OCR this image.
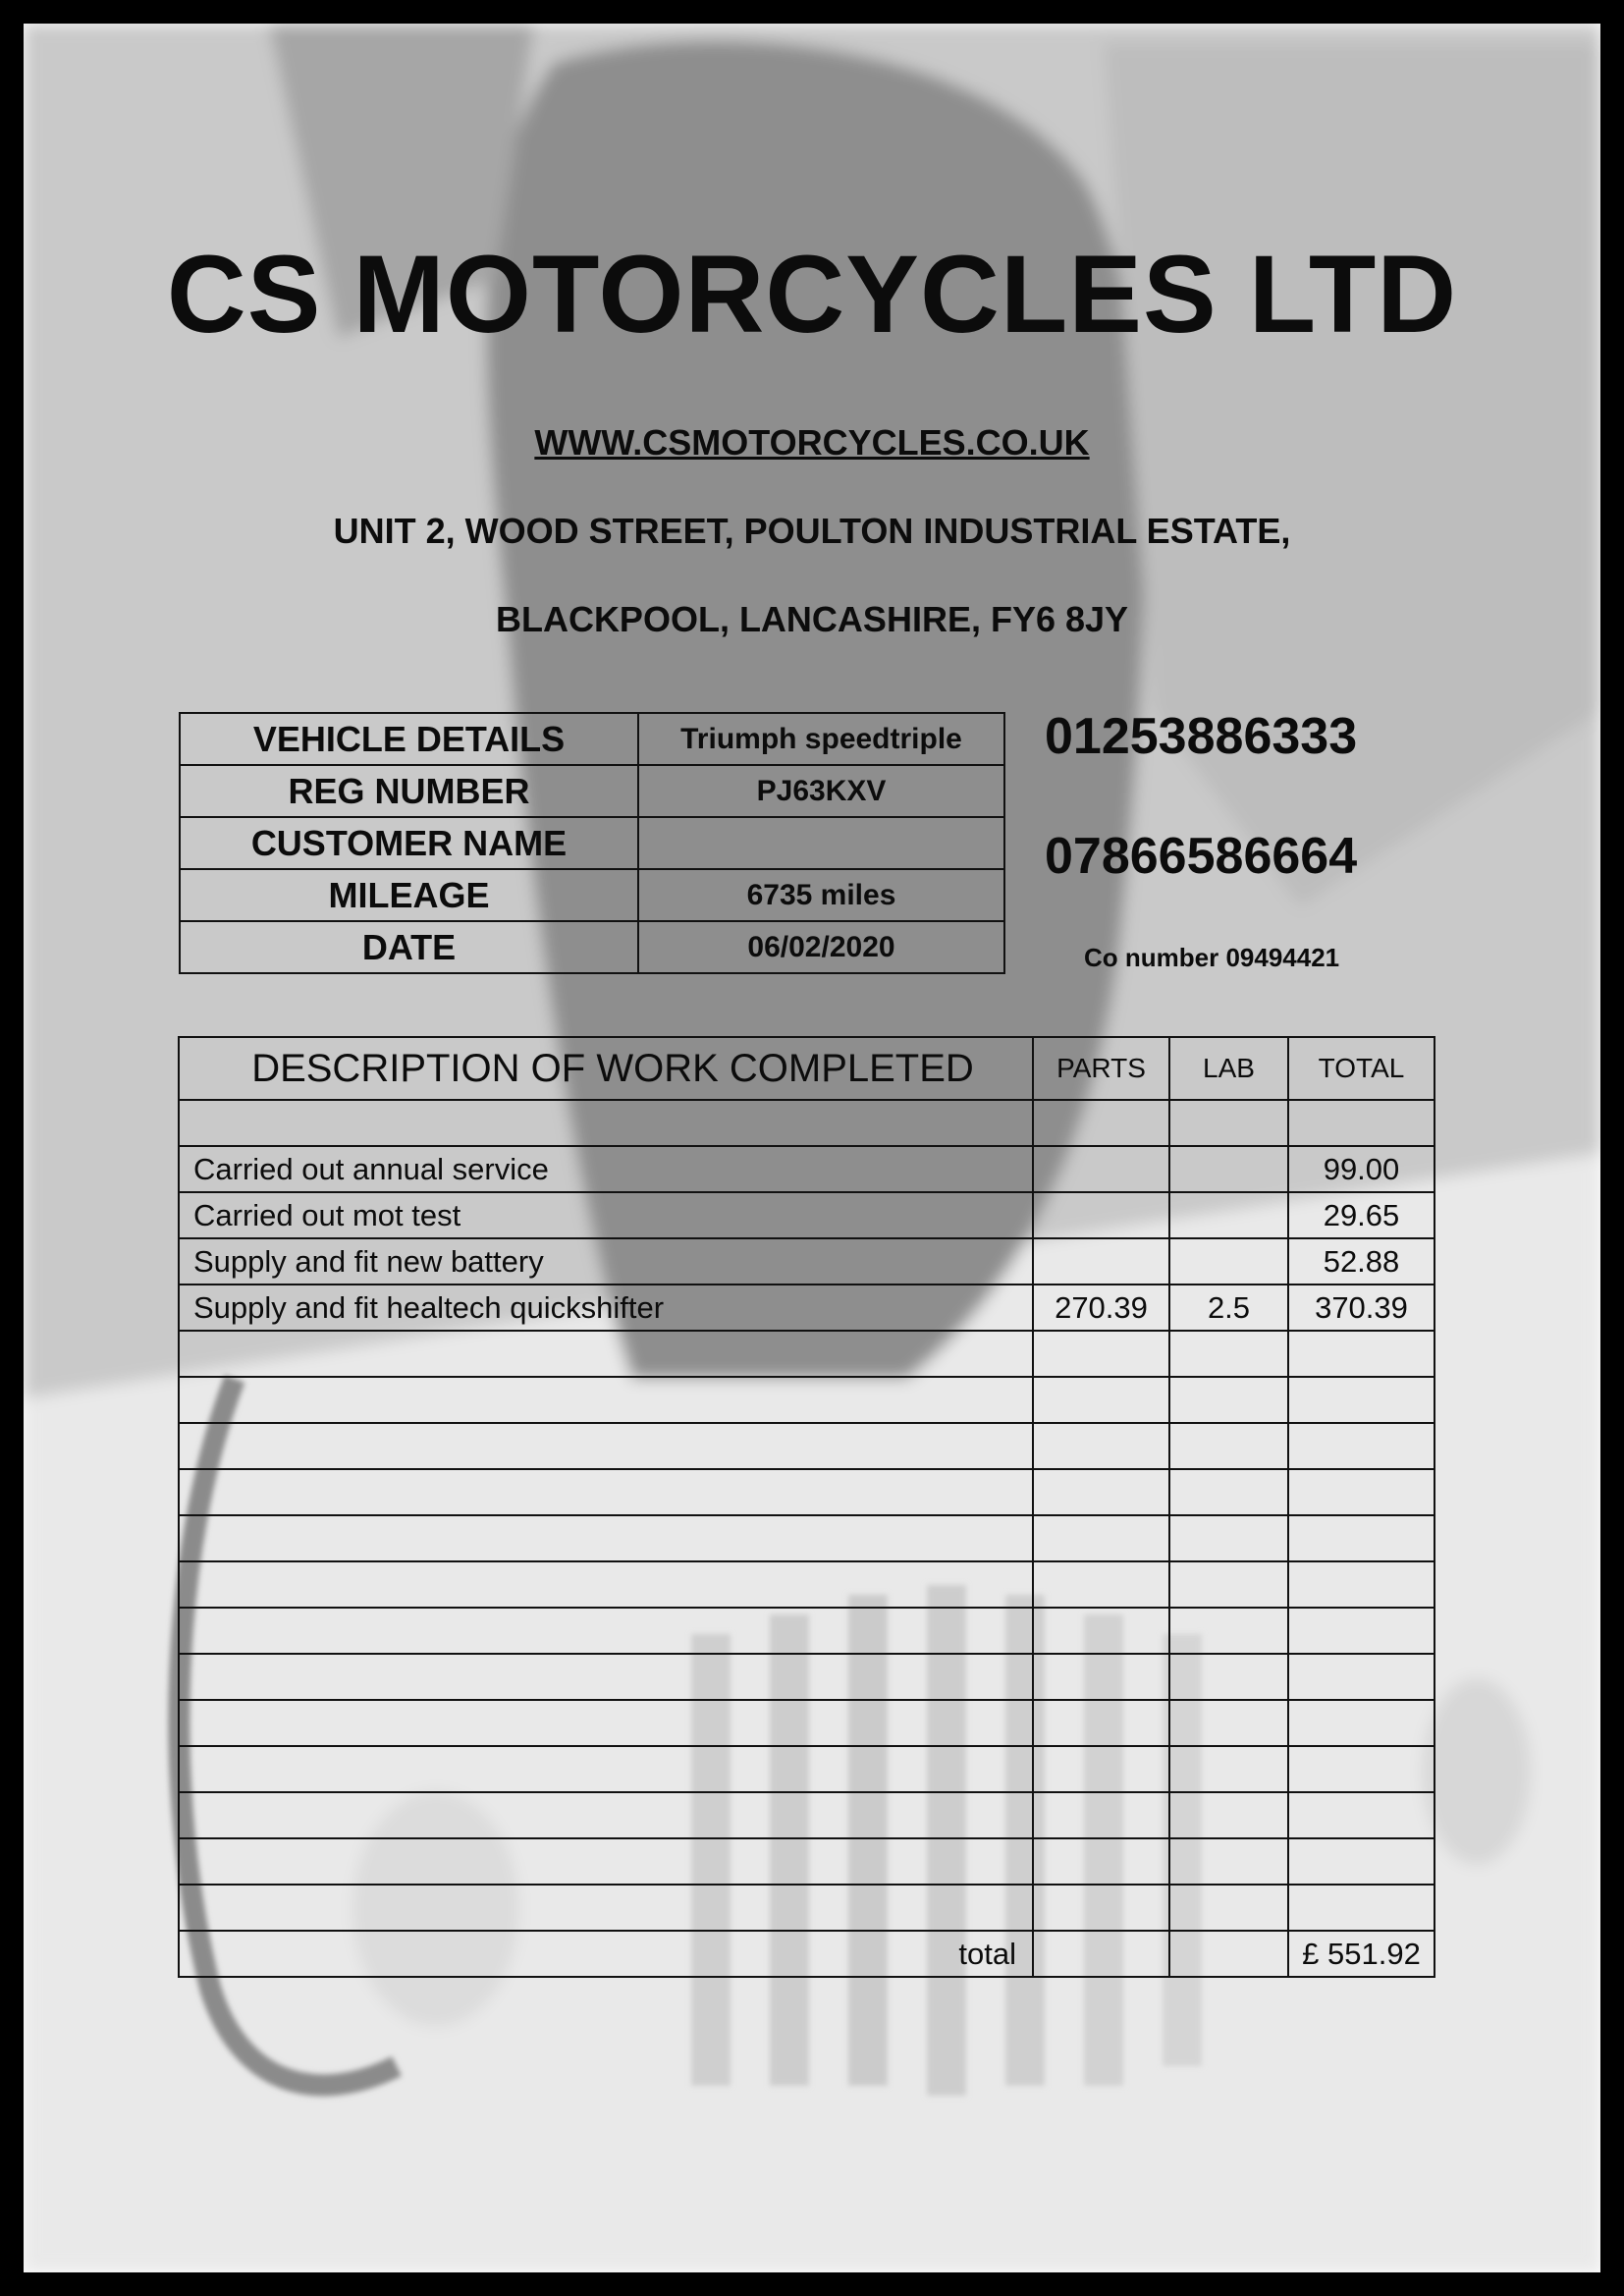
CS MOTORCYCLES LTD
WWW.CSMOTORCYCLES.CO.UK
UNIT 2, WOOD STREET, POULTON INDUSTRIAL ESTATE,
BLACKPOOL, LANCASHIRE, FY6 8JY
VEHICLE DETAILS	Triumph speedtriple
REG NUMBER	PJ63KXV
CUSTOMER NAME	
MILEAGE	6735 miles
DATE	06/02/2020
01253886333
07866586664
Co number 09494421
DESCRIPTION OF WORK COMPLETED	PARTS	LAB	TOTAL

Carried out annual service			99.00
Carried out mot test			29.65
Supply and fit new battery			52.88
Supply and fit healtech quickshifter	270.39	2.5	370.39

total			£ 551.92
